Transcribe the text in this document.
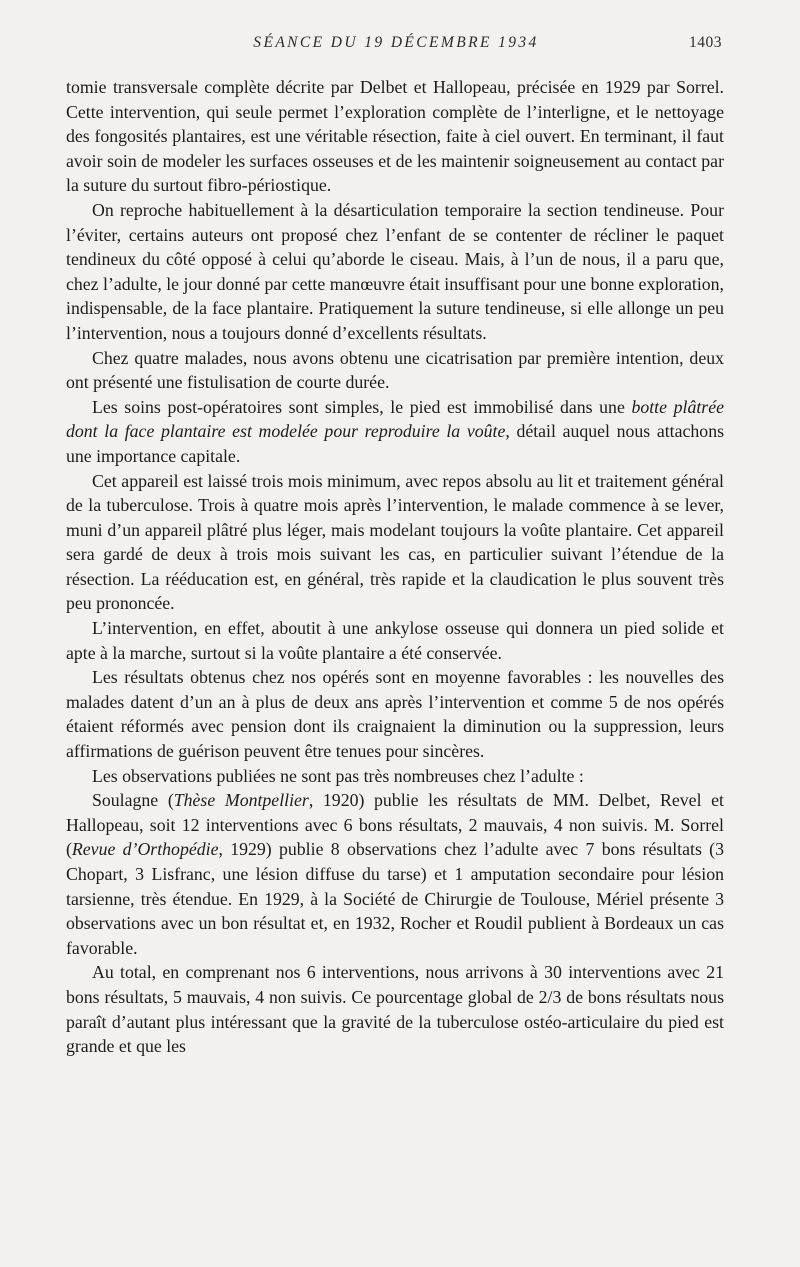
SÉANCE DU 19 DÉCEMBRE 1934	1403

tomie transversale complète décrite par Delbet et Hallopeau, précisée en 1929 par Sorrel. Cette intervention, qui seule permet l’exploration complète de l’interligne, et le nettoyage des fongosités plantaires, est une véritable résection, faite à ciel ouvert. En terminant, il faut avoir soin de modeler les surfaces osseuses et de les maintenir soigneusement au contact par la suture du surtout fibro-périostique.

On reproche habituellement à la désarticulation temporaire la section tendineuse. Pour l’éviter, certains auteurs ont proposé chez l’enfant de se contenter de récliner le paquet tendineux du côté opposé à celui qu’aborde le ciseau. Mais, à l’un de nous, il a paru que, chez l’adulte, le jour donné par cette manœuvre était insuffisant pour une bonne exploration, indispensable, de la face plantaire. Pratiquement la suture tendineuse, si elle allonge un peu l’intervention, nous a toujours donné d’excellents résultats.

Chez quatre malades, nous avons obtenu une cicatrisation par première intention, deux ont présenté une fistulisation de courte durée.

Les soins post-opératoires sont simples, le pied est immobilisé dans une botte plâtrée dont la face plantaire est modelée pour reproduire la voûte, détail auquel nous attachons une importance capitale.

Cet appareil est laissé trois mois minimum, avec repos absolu au lit et traitement général de la tuberculose. Trois à quatre mois après l’intervention, le malade commence à se lever, muni d’un appareil plâtré plus léger, mais modelant toujours la voûte plantaire. Cet appareil sera gardé de deux à trois mois suivant les cas, en particulier suivant l’étendue de la résection. La rééducation est, en général, très rapide et la claudication le plus souvent très peu prononcée.

L’intervention, en effet, aboutit à une ankylose osseuse qui donnera un pied solide et apte à la marche, surtout si la voûte plantaire a été conservée.

Les résultats obtenus chez nos opérés sont en moyenne favorables : les nouvelles des malades datent d’un an à plus de deux ans après l’intervention et comme 5 de nos opérés étaient réformés avec pension dont ils craignaient la diminution ou la suppression, leurs affirmations de guérison peuvent être tenues pour sincères.

Les observations publiées ne sont pas très nombreuses chez l’adulte :

Soulagne (Thèse Montpellier, 1920) publie les résultats de MM. Delbet, Revel et Hallopeau, soit 12 interventions avec 6 bons résultats, 2 mauvais, 4 non suivis. M. Sorrel (Revue d’Orthopédie, 1929) publie 8 observations chez l’adulte avec 7 bons résultats (3 Chopart, 3 Lisfranc, une lésion diffuse du tarse) et 1 amputation secondaire pour lésion tarsienne, très étendue. En 1929, à la Société de Chirurgie de Toulouse, Mériel présente 3 observations avec un bon résultat et, en 1932, Rocher et Roudil publient à Bordeaux un cas favorable.

Au total, en comprenant nos 6 interventions, nous arrivons à 30 interventions avec 21 bons résultats, 5 mauvais, 4 non suivis. Ce pourcentage global de 2/3 de bons résultats nous paraît d’autant plus intéressant que la gravité de la tuberculose ostéo-articulaire du pied est grande et que les
